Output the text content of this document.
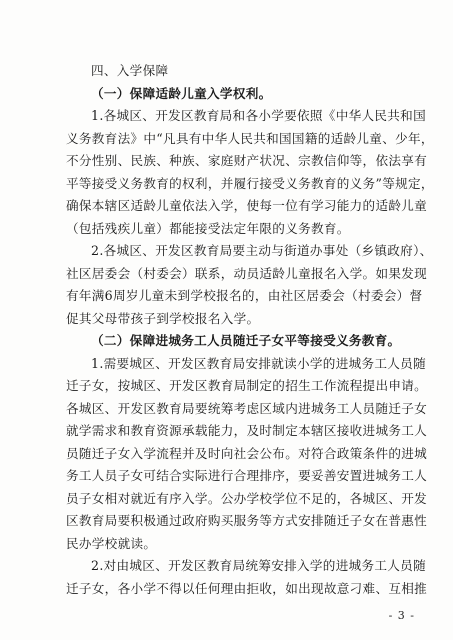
四、入学保障
（一）保障适龄儿童入学权利。
1.各城区、开发区教育局和各小学要依照《中华人民共和国
义务教育法》中“凡具有中华人民共和国国籍的适龄儿童、少年，
不分性别、民族、种族、家庭财产状况、宗教信仰等，依法享有
平等接受义务教育的权利，并履行接受义务教育的义务”等规定，
确保本辖区适龄儿童依法入学，使每一位有学习能力的适龄儿童
（包括残疾儿童）都能接受法定年限的义务教育。
2.各城区、开发区教育局要主动与街道办事处（乡镇政府）、
社区居委会（村委会）联系，动员适龄儿童报名入学。如果发现
有年满6周岁儿童未到学校报名的，由社区居委会（村委会）督
促其父母带孩子到学校报名入学。
（二）保障进城务工人员随迁子女平等接受义务教育。
1.需要城区、开发区教育局安排就读小学的进城务工人员随
迁子女，按城区、开发区教育局制定的招生工作流程提出申请。
各城区、开发区教育局要统筹考虑区域内进城务工人员随迁子女
就学需求和教育资源承载能力，及时制定本辖区接收进城务工人
员随迁子女入学流程并及时向社会公布。对符合政策条件的进城
务工人员子女可结合实际进行合理排序，要妥善安置进城务工人
员子女相对就近有序入学。公办学校学位不足的，各城区、开发
区教育局要积极通过政府购买服务等方式安排随迁子女在普惠性
民办学校就读。
2.对由城区、开发区教育局统筹安排入学的进城务工人员随
迁子女，各小学不得以任何理由拒收，如出现故意刁难、互相推
- 3 -
